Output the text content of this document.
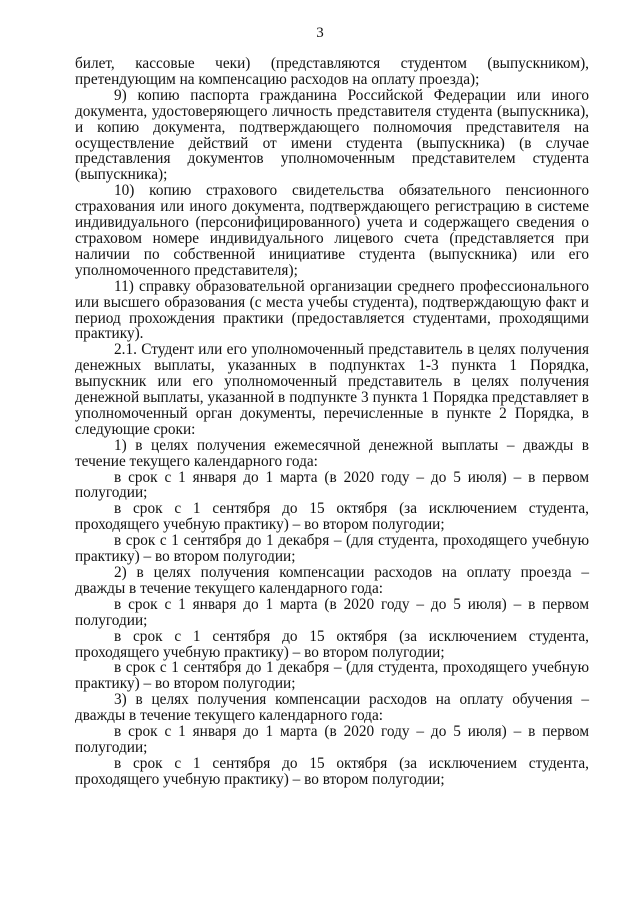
3

билет, кассовые чеки) (представляются студентом (выпускником), претендующим на компенсацию расходов на оплату проезда);

9) копию паспорта гражданина Российской Федерации или иного документа, удостоверяющего личность представителя студента (выпускника), и копию документа, подтверждающего полномочия представителя на осуществление действий от имени студента (выпускника) (в случае представления документов уполномоченным представителем студента (выпускника);

10) копию страхового свидетельства обязательного пенсионного страхования или иного документа, подтверждающего регистрацию в системе индивидуального (персонифицированного) учета и содержащего сведения о страховом номере индивидуального лицевого счета (представляется при наличии по собственной инициативе студента (выпускника) или его уполномоченного представителя);

11) справку образовательной организации среднего профессионального или высшего образования (с места учебы студента), подтверждающую факт и период прохождения практики (предоставляется студентами, проходящими практику).

2.1. Студент или его уполномоченный представитель в целях получения денежных выплаты, указанных в подпунктах 1-3 пункта 1 Порядка, выпускник или его уполномоченный представитель в целях получения денежной выплаты, указанной в подпункте 3 пункта 1 Порядка представляет в уполномоченный орган документы, перечисленные в пункте 2 Порядка, в следующие сроки:

1) в целях получения ежемесячной денежной выплаты – дважды в течение текущего календарного года:

в срок с 1 января до 1 марта (в 2020 году – до 5 июля) – в первом полугодии;

в срок с 1 сентября до 15 октября (за исключением студента, проходящего учебную практику) – во втором полугодии;

в срок с 1 сентября до 1 декабря – (для студента, проходящего учебную практику) – во втором полугодии;

2) в целях получения компенсации расходов на оплату проезда – дважды в течение текущего календарного года:

в срок с 1 января до 1 марта (в 2020 году – до 5 июля) – в первом полугодии;

в срок с 1 сентября до 15 октября (за исключением студента, проходящего учебную практику) – во втором полугодии;

в срок с 1 сентября до 1 декабря – (для студента, проходящего учебную практику) – во втором полугодии;

3) в целях получения компенсации расходов на оплату обучения – дважды в течение текущего календарного года:

в срок с 1 января до 1 марта (в 2020 году – до 5 июля) – в первом полугодии;

в срок с 1 сентября до 15 октября (за исключением студента, проходящего учебную практику) – во втором полугодии;
